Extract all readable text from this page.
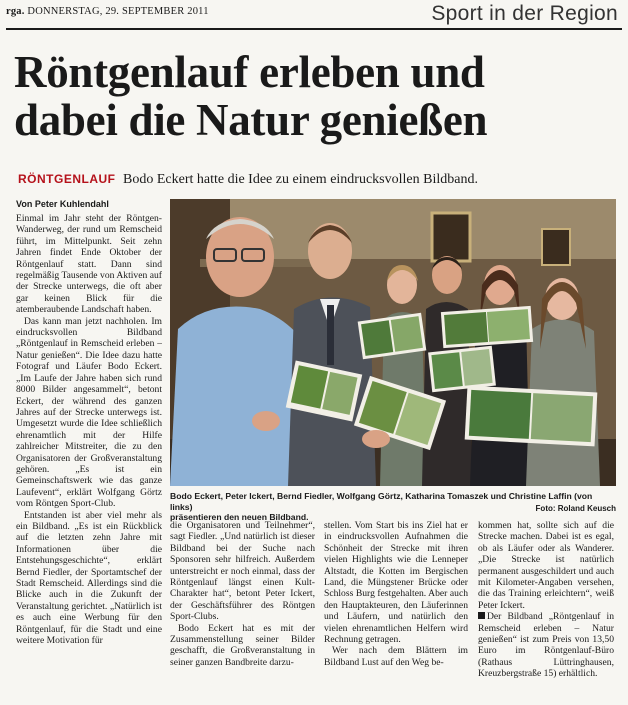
rga. DONNERSTAG, 29. SEPTEMBER 2011	Sport in der Region
Röntgenlauf erleben und
dabei die Natur genießen
RÖNTGENLAUF Bodo Eckert hatte die Idee zu einem eindrucksvollen Bildband.
Von Peter Kuhlendahl

Einmal im Jahr steht der Röntgen-Wanderweg, der rund um Remscheid führt, im Mittelpunkt. Seit zehn Jahren findet Ende Oktober der Röntgenlauf statt. Dann sind regelmäßig Tausende von Aktiven auf der Strecke unterwegs, die oft aber gar keinen Blick für die atemberaubende Landschaft haben.

Das kann man jetzt nachholen. Im eindrucksvollen Bildband „Röntgenlauf in Remscheid erleben – Natur genießen“. Die Idee dazu hatte Fotograf und Läufer Bodo Eckert. „Im Laufe der Jahre haben sich rund 8000 Bilder angesammelt“, betont Eckert, der während des ganzen Jahres auf der Strecke unterwegs ist. Umgesetzt wurde die Idee schließlich ehrenamtlich mit der Hilfe zahlreicher Mitstreiter, die zu den Organisatoren der Großveranstaltung gehören. „Es ist ein Gemeinschaftswerk wie das ganze Laufevent“, erklärt Wolfgang Görtz vom Röntgen Sport-Club.

Entstanden ist aber viel mehr als ein Bildband. „Es ist ein Rückblick auf die letzten zehn Jahre mit Informationen über die Entstehungsgeschichte“, erklärt Bernd Fiedler, der Sportamtschef der Stadt Remscheid. Allerdings sind die Blicke auch in die Zukunft der Veranstaltung gerichtet. „Natürlich ist es auch eine Werbung für den Röntgenlauf, für die Stadt und eine weitere Motivation für

Bodo Eckert, Peter Ickert, Bernd Fiedler, Wolfgang Görtz, Katharina Tomaszek und Christine Laffin (von links)
präsentieren den neuen Bildband.
Foto: Roland Keusch

die Organisatoren und Teilnehmer“, sagt Fiedler. „Und natürlich ist dieser Bildband bei der Suche nach Sponsoren sehr hilfreich. Außerdem unterstreicht er noch einmal, dass der Röntgenlauf längst einen Kult-Charakter hat“, betont Peter Ickert, der Geschäftsführer des Röntgen Sport-Clubs.

Bodo Eckert hat es mit der Zusammenstellung seiner Bilder geschafft, die Großveranstaltung in seiner ganzen Bandbreite darzu-

stellen. Vom Start bis ins Ziel hat er in eindrucksvollen Aufnahmen die Schönheit der Strecke mit ihren vielen Highlights wie die Lenneper Altstadt, die Kotten im Bergischen Land, die Müngstener Brücke oder Schloss Burg festgehalten. Aber auch den Hauptakteuren, den Läuferinnen und Läufern, und natürlich den vielen ehrenamtlichen Helfern wird Rechnung getragen.

Wer nach dem Blättern im Bildband Lust auf den Weg be-

kommen hat, sollte sich auf die Strecke machen. Dabei ist es egal, ob als Läufer oder als Wanderer. „Die Strecke ist natürlich permanent ausgeschildert und auch mit Kilometer-Angaben versehen, die das Training erleichtern“, weiß Peter Ickert.

Der Bildband „Röntgenlauf in Remscheid erleben – Natur genießen“ ist zum Preis von 13,50 Euro im Röntgenlauf-Büro (Rathaus Lüttringhausen, Kreuzbergstraße 15) erhältlich.
